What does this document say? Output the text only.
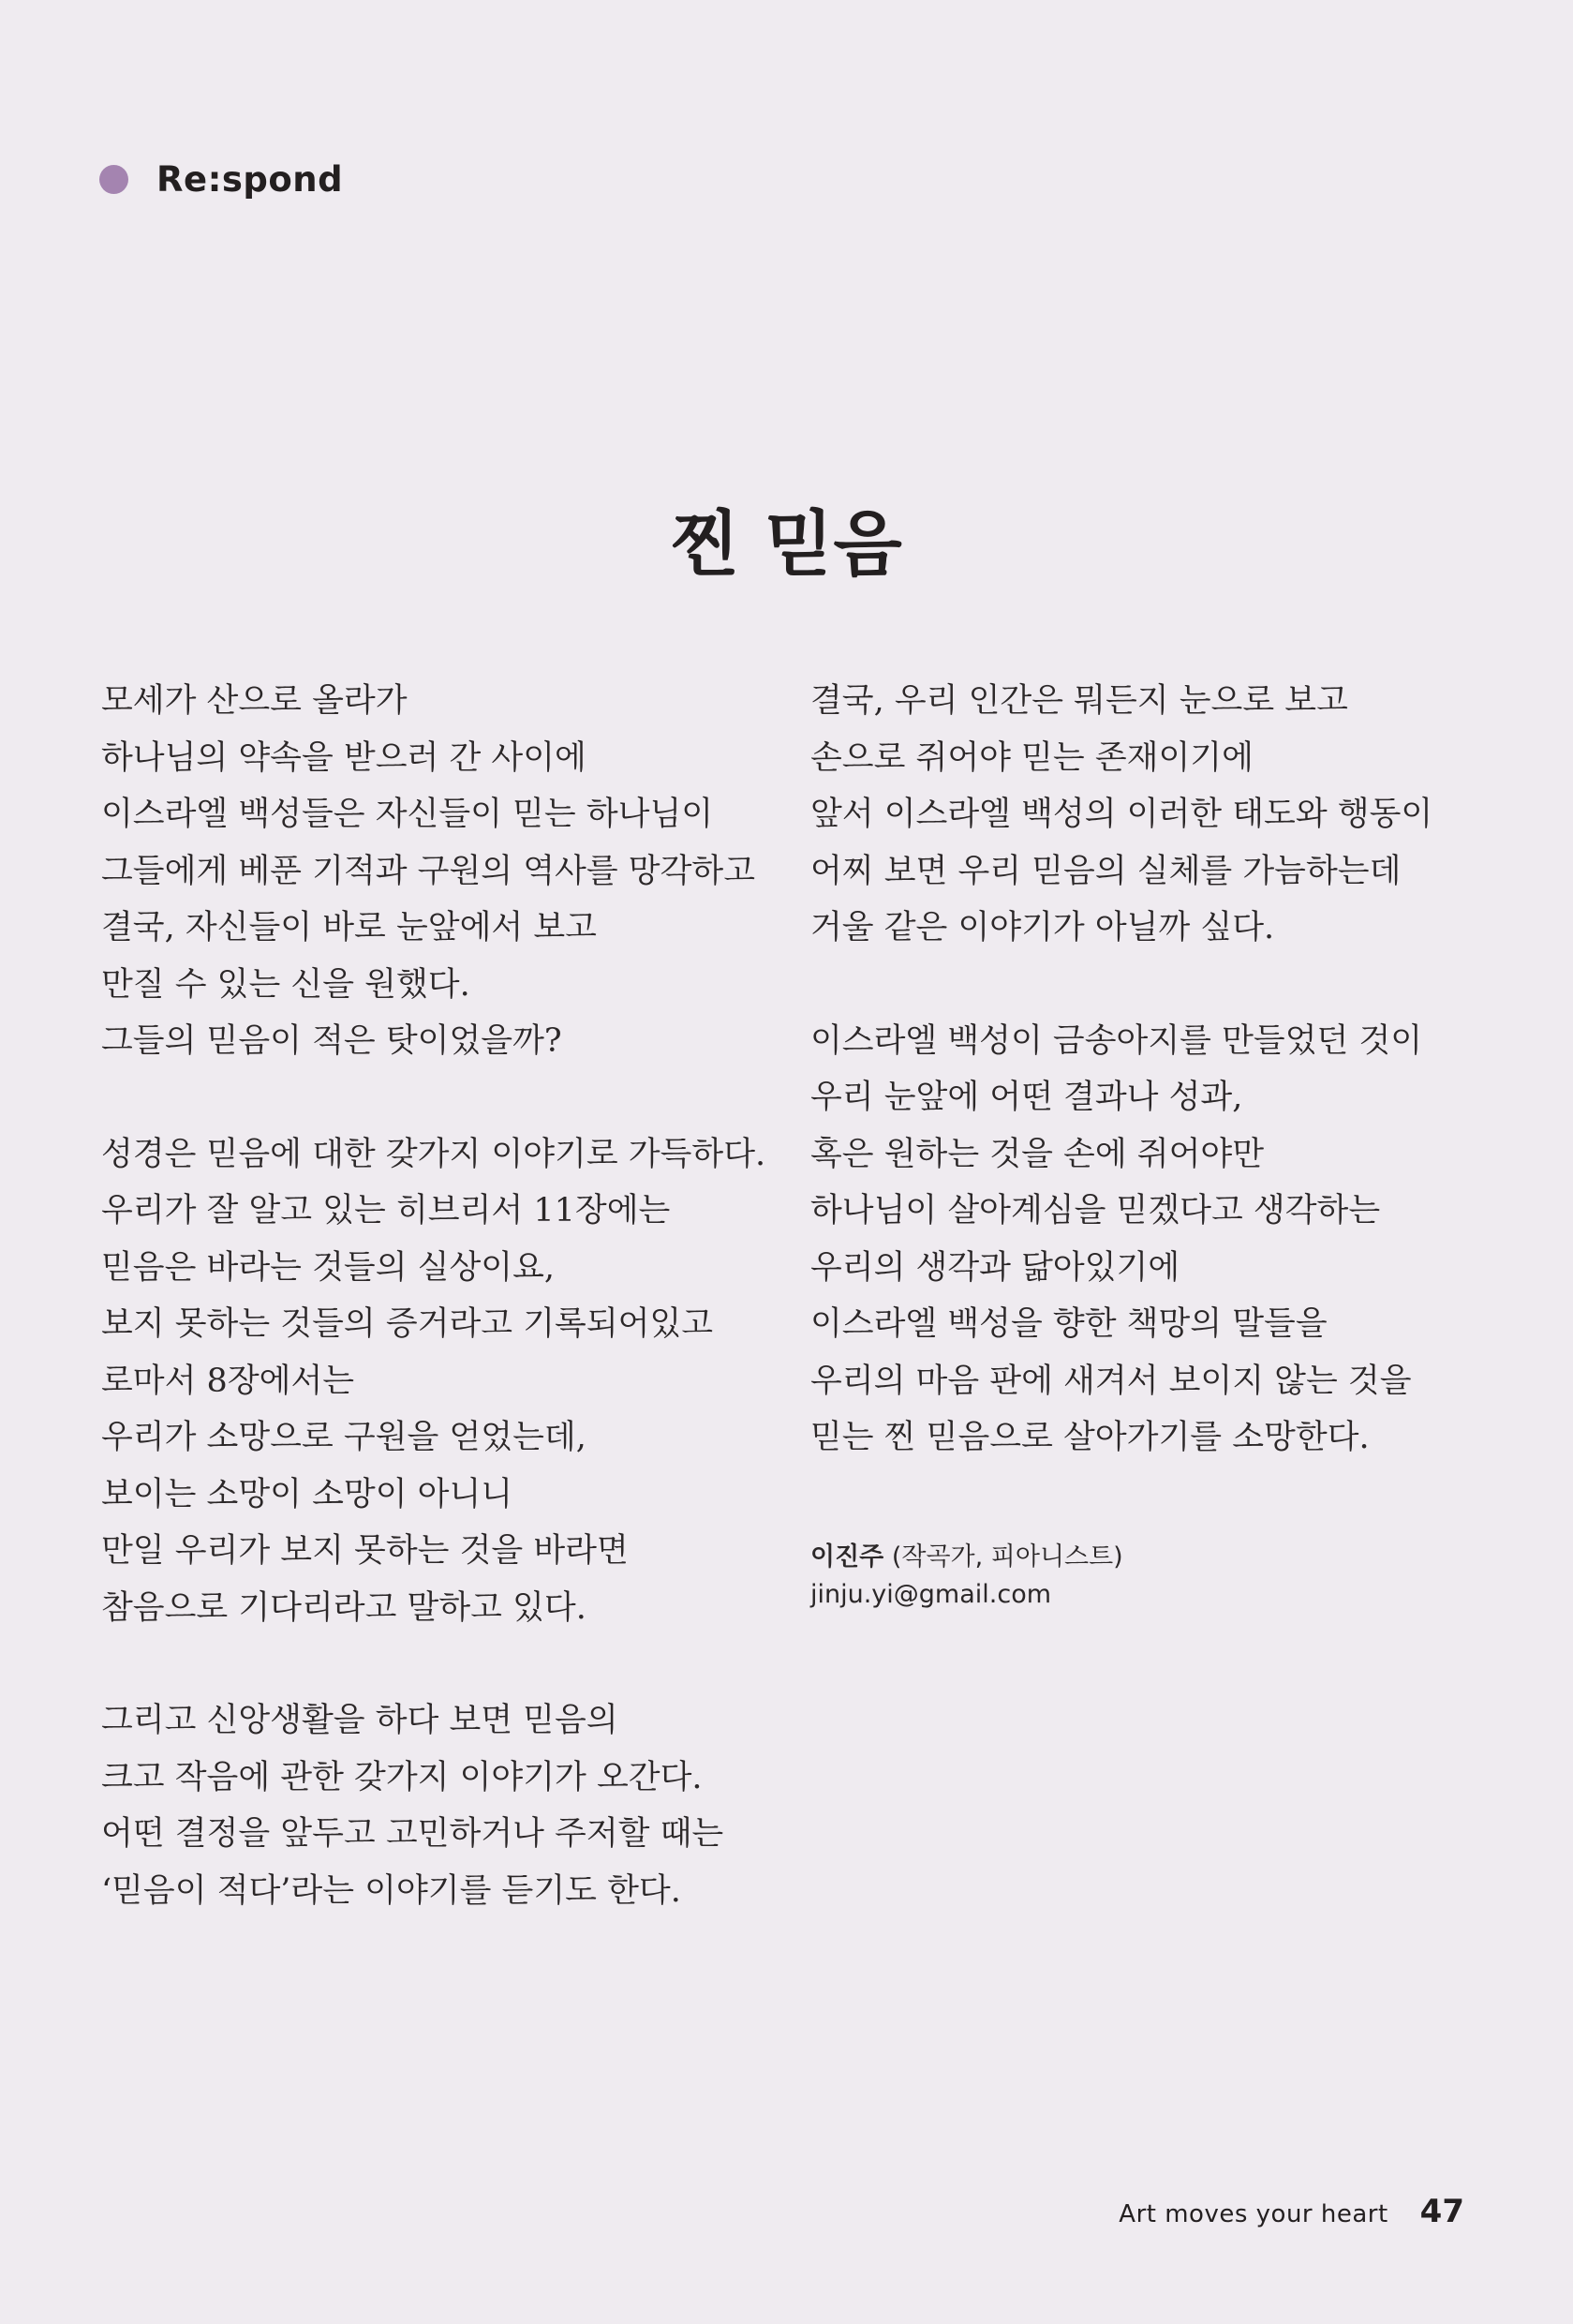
Re:spond
찐 믿음
모세가 산으로 올라가
하나님의 약속을 받으러 간 사이에
이스라엘 백성들은 자신들이 믿는 하나님이
그들에게 베푼 기적과 구원의 역사를 망각하고
결국, 자신들이 바로 눈앞에서 보고
만질 수 있는 신을 원했다.
그들의 믿음이 적은 탓이었을까?
성경은 믿음에 대한 갖가지 이야기로 가득하다.
우리가 잘 알고 있는 히브리서 11장에는
믿음은 바라는 것들의 실상이요,
보지 못하는 것들의 증거라고 기록되어있고
로마서 8장에서는
우리가 소망으로 구원을 얻었는데,
보이는 소망이 소망이 아니니
만일 우리가 보지 못하는 것을 바라면
참음으로 기다리라고 말하고 있다.
그리고 신앙생활을 하다 보면 믿음의
크고 작음에 관한 갖가지 이야기가 오간다.
어떤 결정을 앞두고 고민하거나 주저할 때는
‘믿음이 적다’라는 이야기를 듣기도 한다.
결국, 우리 인간은 뭐든지 눈으로 보고
손으로 쥐어야 믿는 존재이기에
앞서 이스라엘 백성의 이러한 태도와 행동이
어찌 보면 우리 믿음의 실체를 가늠하는데
거울 같은 이야기가 아닐까 싶다.
이스라엘 백성이 금송아지를 만들었던 것이
우리 눈앞에 어떤 결과나 성과,
혹은 원하는 것을 손에 쥐어야만
하나님이 살아계심을 믿겠다고 생각하는
우리의 생각과 닮아있기에
이스라엘 백성을 향한 책망의 말들을
우리의 마음 판에 새겨서 보이지 않는 것을
믿는 찐 믿음으로 살아가기를 소망한다.
이진주 (작곡가, 피아니스트)
jinju.yi@gmail.com
Art moves your heart 47
